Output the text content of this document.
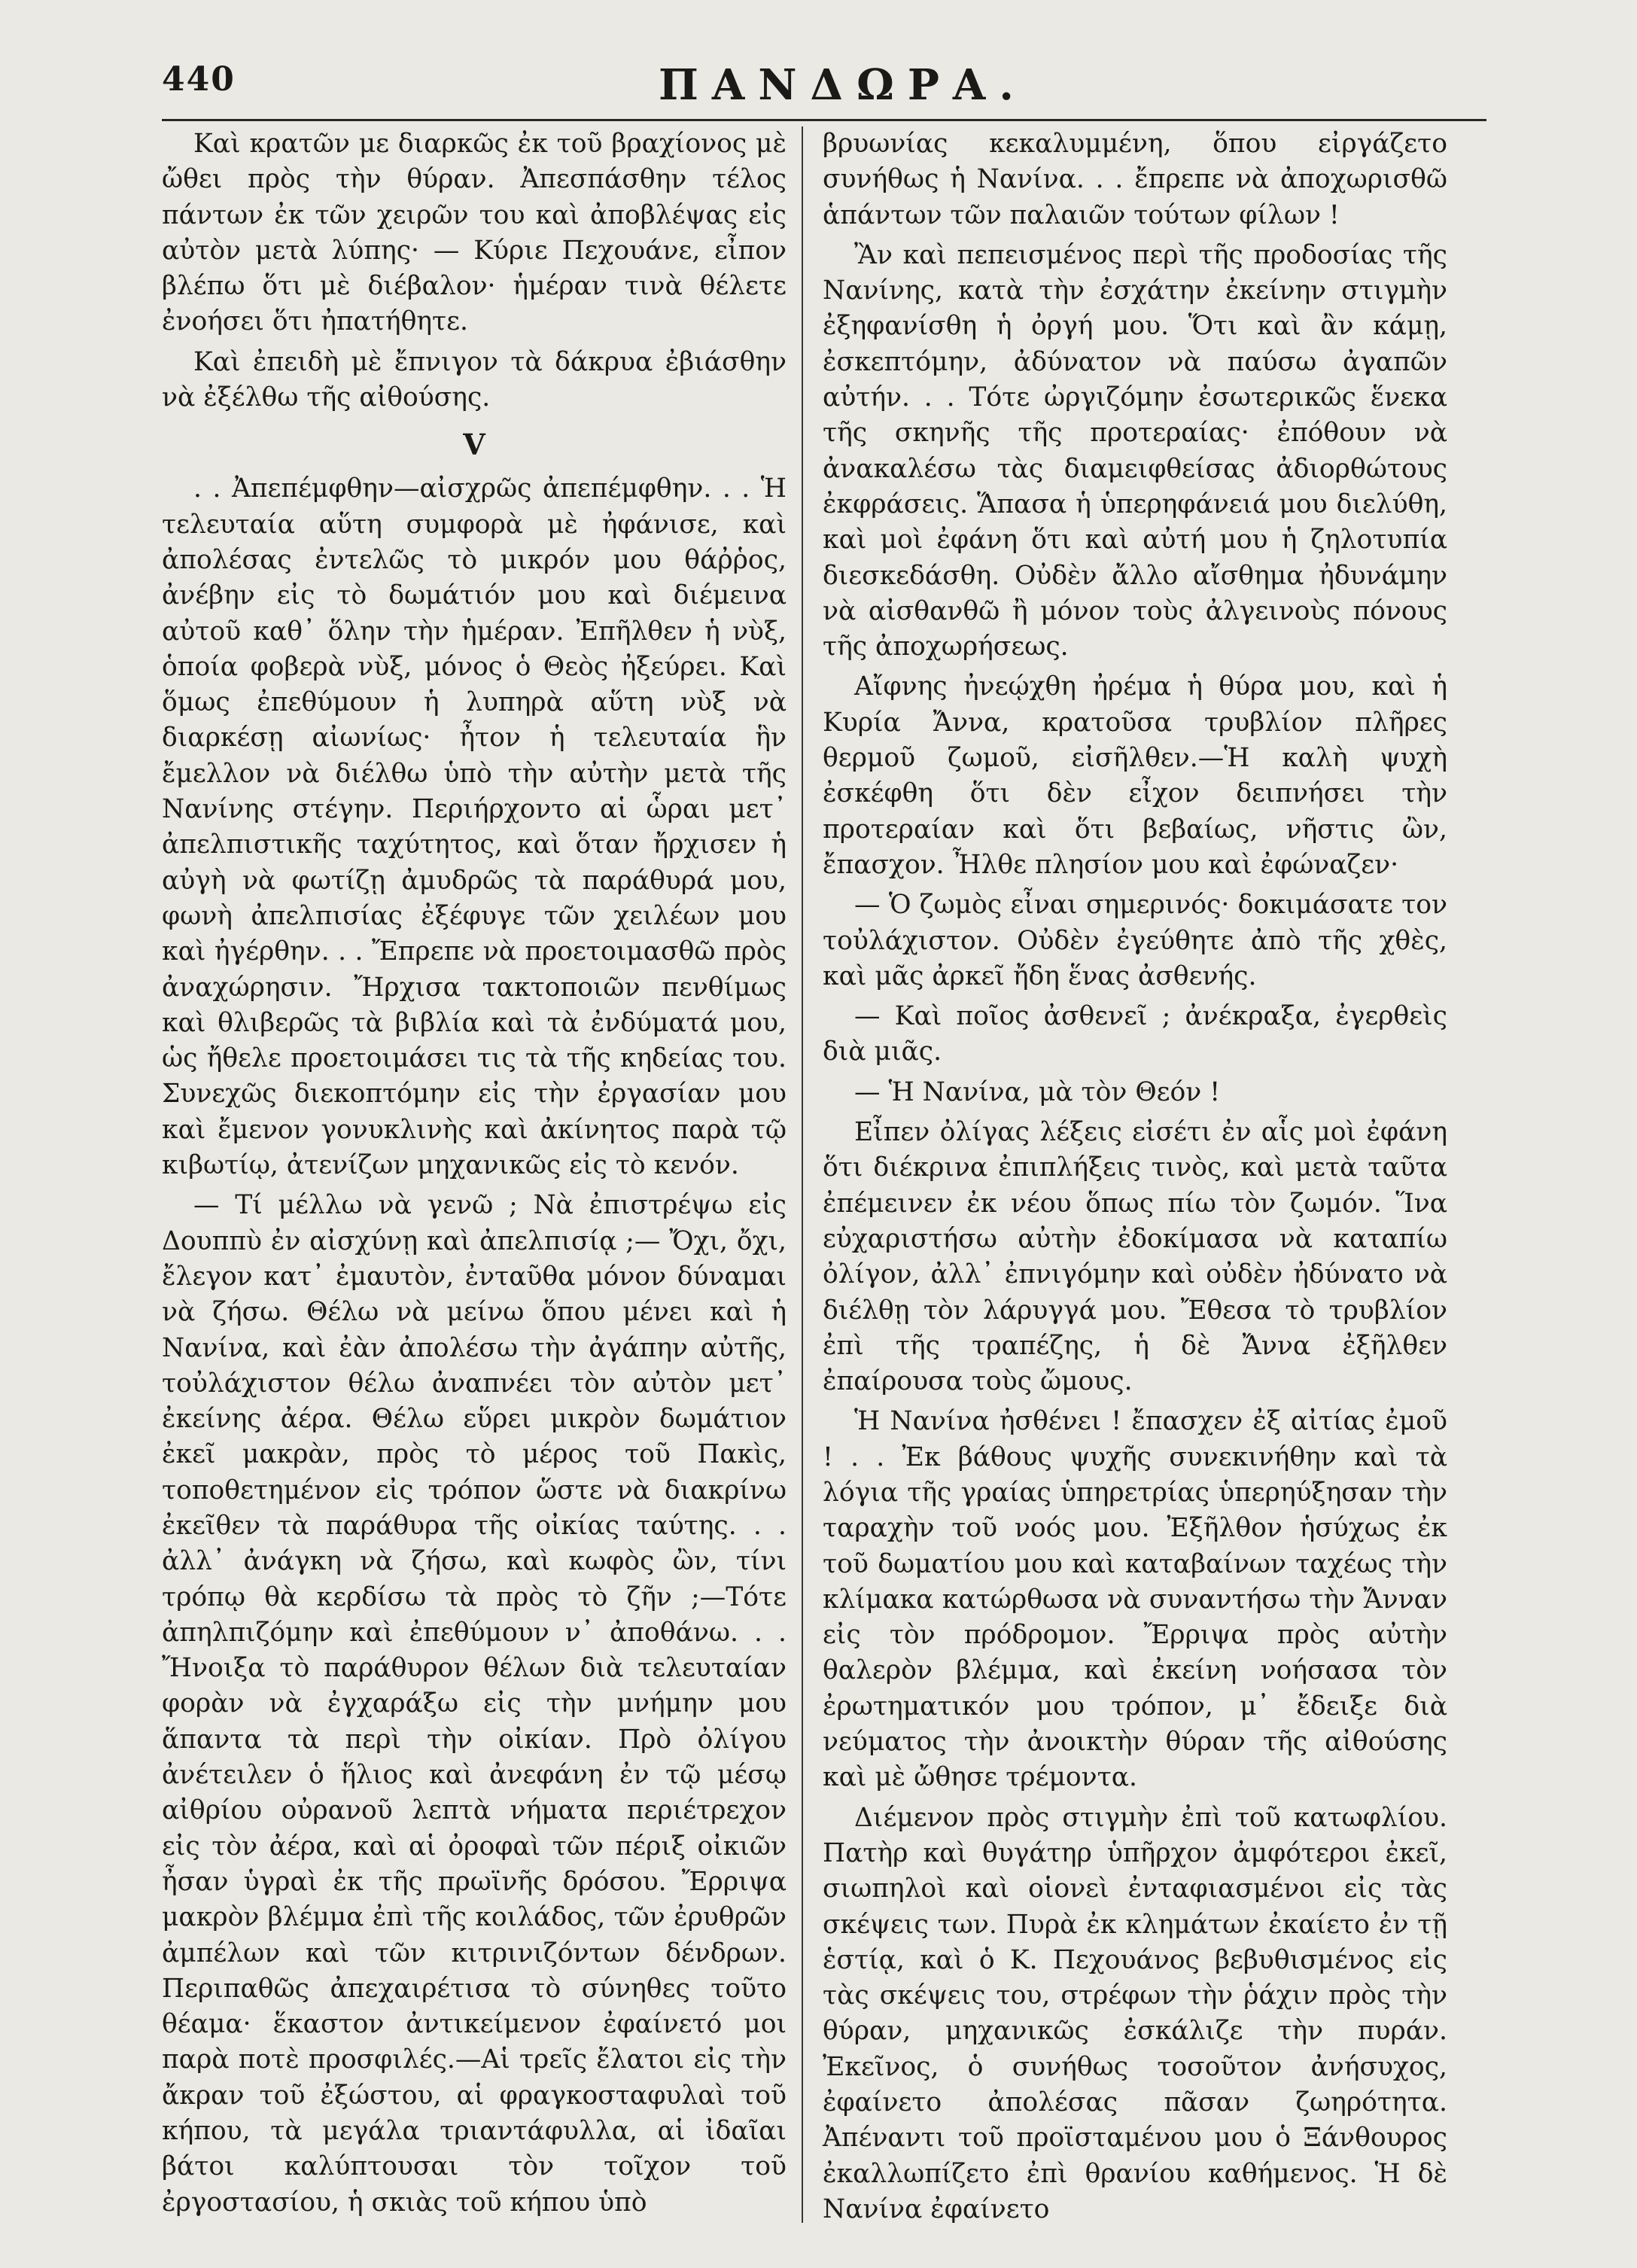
440	ΠΑΝΔΩΡΑ.

Καὶ κρατῶν με διαρκῶς ἐκ τοῦ βραχίονος μὲ ὤθει πρὸς τὴν θύραν. Ἀπεσπάσθην τέλος πάντων ἐκ τῶν χειρῶν του καὶ ἀποβλέψας εἰς αὐτὸν μετὰ λύπης· — Κύριε Πεχουάνε, εἶπον βλέπω ὅτι μὲ διέβαλον· ἡμέραν τινὰ θέλετε ἐνοήσει ὅτι ἠπατήθητε.

Καὶ ἐπειδὴ μὲ ἔπνιγον τὰ δάκρυα ἐβιάσθην νὰ ἐξέλθω τῆς αἰθούσης.

V

. . Ἀπεπέμφθην—αἰσχρῶς ἀπεπέμφθην. . . Ἡ τελευταία αὕτη συμφορὰ μὲ ἠφάνισε, καὶ ἀπολέσας ἐντελῶς τὸ μικρόν μου θάῤῥος, ἀνέβην εἰς τὸ δωμάτιόν μου καὶ διέμεινα αὐτοῦ καθ᾽ ὅλην τὴν ἡμέραν. Ἐπῆλθεν ἡ νὺξ, ὁποία φοβερὰ νὺξ, μόνος ὁ Θεὸς ἠξεύρει. Καὶ ὅμως ἐπεθύμουν ἡ λυπηρὰ αὕτη νὺξ νὰ διαρκέσῃ αἰωνίως· ἦτον ἡ τελευταία ἣν ἔμελλον νὰ διέλθω ὑπὸ τὴν αὐτὴν μετὰ τῆς Νανίνης στέγην. Περιήρχοντο αἱ ὧραι μετ᾽ ἀπελπιστικῆς ταχύτητος, καὶ ὅταν ἤρχισεν ἡ αὐγὴ νὰ φωτίζῃ ἀμυδρῶς τὰ παράθυρά μου, φωνὴ ἀπελπισίας ἐξέφυγε τῶν χειλέων μου καὶ ἠγέρθην. . . Ἔπρεπε νὰ προετοιμασθῶ πρὸς ἀναχώρησιν. Ἤρχισα τακτοποιῶν πενθίμως καὶ θλιβερῶς τὰ βιβλία καὶ τὰ ἐνδύματά μου, ὡς ἤθελε προετοιμάσει τις τὰ τῆς κηδείας του. Συνεχῶς διεκοπτόμην εἰς τὴν ἐργασίαν μου καὶ ἔμενον γονυκλινὴς καὶ ἀκίνητος παρὰ τῷ κιβωτίῳ, ἀτενίζων μηχανικῶς εἰς τὸ κενόν.

— Τί μέλλω νὰ γενῶ ; Νὰ ἐπιστρέψω εἰς Δουππὺ ἐν αἰσχύνῃ καὶ ἀπελπισίᾳ ;— Ὄχι, ὄχι, ἔλεγον κατ᾽ ἐμαυτὸν, ἐνταῦθα μόνον δύναμαι νὰ ζήσω. Θέλω νὰ μείνω ὅπου μένει καὶ ἡ Νανίνα, καὶ ἐὰν ἀπολέσω τὴν ἀγάπην αὐτῆς, τοὐλάχιστον θέλω ἀναπνέει τὸν αὐτὸν μετ᾽ ἐκείνης ἀέρα. Θέλω εὕρει μικρὸν δωμάτιον ἐκεῖ μακρὰν, πρὸς τὸ μέρος τοῦ Πακὶς, τοποθετημένον εἰς τρόπον ὥστε νὰ διακρίνω ἐκεῖθεν τὰ παράθυρα τῆς οἰκίας ταύτης. . . ἀλλ᾽ ἀνάγκη νὰ ζήσω, καὶ κωφὸς ὢν, τίνι τρόπῳ θὰ κερδίσω τὰ πρὸς τὸ ζῆν ;—Τότε ἀπηλπιζόμην καὶ ἐπεθύμουν ν᾽ ἀποθάνω. . . Ἤνοιξα τὸ παράθυρον θέλων διὰ τελευταίαν φορὰν νὰ ἐγχαράξω εἰς τὴν μνήμην μου ἅπαντα τὰ περὶ τὴν οἰκίαν. Πρὸ ὀλίγου ἀνέτειλεν ὁ ἥλιος καὶ ἀνεφάνη ἐν τῷ μέσῳ αἰθρίου οὐρανοῦ λεπτὰ νήματα περιέτρεχον εἰς τὸν ἀέρα, καὶ αἱ ὀροφαὶ τῶν πέριξ οἰκιῶν ἦσαν ὑγραὶ ἐκ τῆς πρωϊνῆς δρόσου. Ἔρριψα μακρὸν βλέμμα ἐπὶ τῆς κοιλάδος, τῶν ἐρυθρῶν ἀμπέλων καὶ τῶν κιτρινιζόντων δένδρων. Περιπαθῶς ἀπεχαιρέτισα τὸ σύνηθες τοῦτο θέαμα· ἕκαστον ἀντικείμενον ἐφαίνετό μοι παρὰ ποτὲ προσφιλές.—Αἱ τρεῖς ἔλατοι εἰς τὴν ἄκραν τοῦ ἐξώστου, αἱ φραγκοσταφυλαὶ τοῦ κήπου, τὰ μεγάλα τριαντάφυλλα, αἱ ἰδαῖαι βάτοι καλύπτουσαι τὸν τοῖχον τοῦ ἐργοστασίου, ἡ σκιὰς τοῦ κήπου ὑπὸ

βρυωνίας κεκαλυμμένη, ὅπου εἰργάζετο συνήθως ἡ Νανίνα. . . ἔπρεπε νὰ ἀποχωρισθῶ ἁπάντων τῶν παλαιῶν τούτων φίλων !

Ἂν καὶ πεπεισμένος περὶ τῆς προδοσίας τῆς Νανίνης, κατὰ τὴν ἐσχάτην ἐκείνην στιγμὴν ἐξηφανίσθη ἡ ὀργή μου. Ὅτι καὶ ἂν κάμῃ, ἐσκεπτόμην, ἀδύνατον νὰ παύσω ἀγαπῶν αὐτήν. . . Τότε ὠργιζόμην ἐσωτερικῶς ἕνεκα τῆς σκηνῆς τῆς προτεραίας· ἐπόθουν νὰ ἀνακαλέσω τὰς διαμειφθείσας ἀδιορθώτους ἐκφράσεις. Ἅπασα ἡ ὑπερηφάνειά μου διελύθη, καὶ μοὶ ἐφάνη ὅτι καὶ αὐτή μου ἡ ζηλοτυπία διεσκεδάσθη. Οὐδὲν ἄλλο αἴσθημα ἠδυνάμην νὰ αἰσθανθῶ ἢ μόνον τοὺς ἀλγεινοὺς πόνους τῆς ἀποχωρήσεως.

Αἴφνης ἠνεῴχθη ἠρέμα ἡ θύρα μου, καὶ ἡ Κυρία Ἄννα, κρατοῦσα τρυβλίον πλῆρες θερμοῦ ζωμοῦ, εἰσῆλθεν.—Ἡ καλὴ ψυχὴ ἐσκέφθη ὅτι δὲν εἶχον δειπνήσει τὴν προτεραίαν καὶ ὅτι βεβαίως, νῆστις ὢν, ἔπασχον. Ἦλθε πλησίον μου καὶ ἐφώναζεν·

— Ὁ ζωμὸς εἶναι σημερινός· δοκιμάσατε τον τοὐλάχιστον. Οὐδὲν ἐγεύθητε ἀπὸ τῆς χθὲς, καὶ μᾶς ἀρκεῖ ἤδη ἕνας ἀσθενής.

— Καὶ ποῖος ἀσθενεῖ ; ἀνέκραξα, ἐγερθεὶς διὰ μιᾶς.

— Ἡ Νανίνα, μὰ τὸν Θεόν !

Εἶπεν ὀλίγας λέξεις εἰσέτι ἐν αἷς μοὶ ἐφάνη ὅτι διέκρινα ἐπιπλήξεις τινὸς, καὶ μετὰ ταῦτα ἐπέμεινεν ἐκ νέου ὅπως πίω τὸν ζωμόν. Ἵνα εὐχαριστήσω αὐτὴν ἐδοκίμασα νὰ καταπίω ὀλίγον, ἀλλ᾽ ἐπνιγόμην καὶ οὐδὲν ἠδύνατο νὰ διέλθῃ τὸν λάρυγγά μου. Ἔθεσα τὸ τρυβλίον ἐπὶ τῆς τραπέζης, ἡ δὲ Ἄννα ἐξῆλθεν ἐπαίρουσα τοὺς ὤμους.

Ἡ Νανίνα ἠσθένει ! ἔπασχεν ἐξ αἰτίας ἐμοῦ ! . . Ἐκ βάθους ψυχῆς συνεκινήθην καὶ τὰ λόγια τῆς γραίας ὑπηρετρίας ὑπερηύξησαν τὴν ταραχὴν τοῦ νοός μου. Ἐξῆλθον ἡσύχως ἐκ τοῦ δωματίου μου καὶ καταβαίνων ταχέως τὴν κλίμακα κατώρθωσα νὰ συναντήσω τὴν Ἄνναν εἰς τὸν πρόδρομον. Ἔρριψα πρὸς αὐτὴν θαλερὸν βλέμμα, καὶ ἐκείνη νοήσασα τὸν ἐρωτηματικόν μου τρόπον, μ᾽ ἔδειξε διὰ νεύματος τὴν ἀνοικτὴν θύραν τῆς αἰθούσης καὶ μὲ ὤθησε τρέμοντα.

Διέμενον πρὸς στιγμὴν ἐπὶ τοῦ κατωφλίου. Πατὴρ καὶ θυγάτηρ ὑπῆρχον ἀμφότεροι ἐκεῖ, σιωπηλοὶ καὶ οἱονεὶ ἐνταφιασμένοι εἰς τὰς σκέψεις των. Πυρὰ ἐκ κλημάτων ἐκαίετο ἐν τῇ ἑστίᾳ, καὶ ὁ Κ. Πεχουάνος βεβυθισμένος εἰς τὰς σκέψεις του, στρέφων τὴν ῥάχιν πρὸς τὴν θύραν, μηχανικῶς ἐσκάλιζε τὴν πυράν. Ἐκεῖνος, ὁ συνήθως τοσοῦτον ἀνήσυχος, ἐφαίνετο ἀπολέσας πᾶσαν ζωηρότητα. Ἀπέναντι τοῦ προϊσταμένου μου ὁ Ξάνθουρος ἐκαλλωπίζετο ἐπὶ θρανίου καθήμενος. Ἡ δὲ Νανίνα ἐφαίνετο
